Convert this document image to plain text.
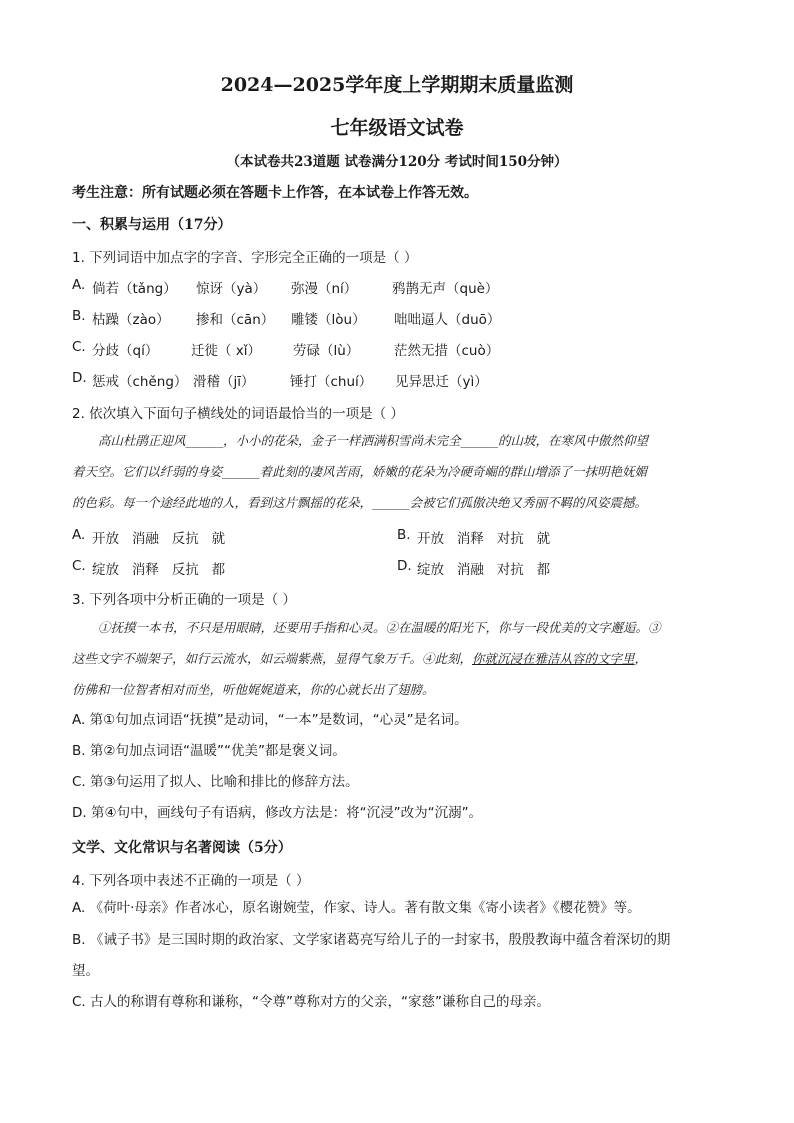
2024—2025学年度上学期期末质量监测
七年级语文试卷
（本试卷共23道题 试卷满分120分 考试时间150分钟）
考生注意：所有试题必须在答题卡上作答，在本试卷上作答无效。
一、积累与运用（17分）
1. 下列词语中加点字的字音、字形完全正确的一项是（ ）
A. 倘若（tǎng） 惊讶（yà） 弥漫（ní）	鸦鹊无声（què）
B. 枯躁（zào） 掺和（cān） 雕镂（lòu） 咄咄逼人（duō）
C. 分歧（qí） 迁徙（ xǐ） 劳碌（lù）	茫然无措（cuò）
D. 惩戒（chěng） 滑稽（jī）	锤打（chuí） 见异思迁（yì）
2. 依次填入下面句子横线处的词语最恰当的一项是（ ）
高山杜鹃正迎风______，小小的花朵，金子一样洒满积雪尚未完全______的山坡，在寒风中傲然仰望
着天空。它们以纤弱的身姿______着此刻的凄风苦雨，娇嫩的花朵为冷硬奇崛的群山增添了一抹明艳妩媚
的色彩。每一个途经此地的人，看到这片飘摇的花朵，______会被它们孤傲决绝又秀丽不羁的风姿震撼。
A. 开放   消融   反抗   就	B. 开放   消释   对抗   就
C. 绽放   消释   反抗   都	D. 绽放   消融   对抗   都
3. 下列各项中分析正确的一项是（ ）
①抚摸一本书，不只是用眼睛，还要用手指和心灵。②在温暖的阳光下，你与一段优美的文字邂逅。③
这些文字不端架子，如行云流水，如云端紫燕，显得气象万千。④此刻，你就沉浸在雅洁从容的文字里，
仿佛和一位智者相对而坐，听他娓娓道来，你的心就长出了翅膀。
A. 第①句加点词语“抚摸”是动词，“一本”是数词，“心灵”是名词。
B. 第②句加点词语“温暖”“优美”都是褒义词。
C. 第③句运用了拟人、比喻和排比的修辞方法。
D. 第④句中，画线句子有语病，修改方法是：将“沉浸”改为“沉溺”。
文学、文化常识与名著阅读（5分）
4. 下列各项中表述不正确的一项是（ ）
A. 《荷叶·母亲》作者冰心，原名谢婉莹，作家、诗人。著有散文集《寄小读者》《樱花赞》等。
B. 《诫子书》是三国时期的政治家、文学家诸葛亮写给儿子的一封家书，殷殷教诲中蕴含着深切的期
望。
C. 古人的称谓有尊称和谦称，“令尊”尊称对方的父亲，“家慈”谦称自己的母亲。
